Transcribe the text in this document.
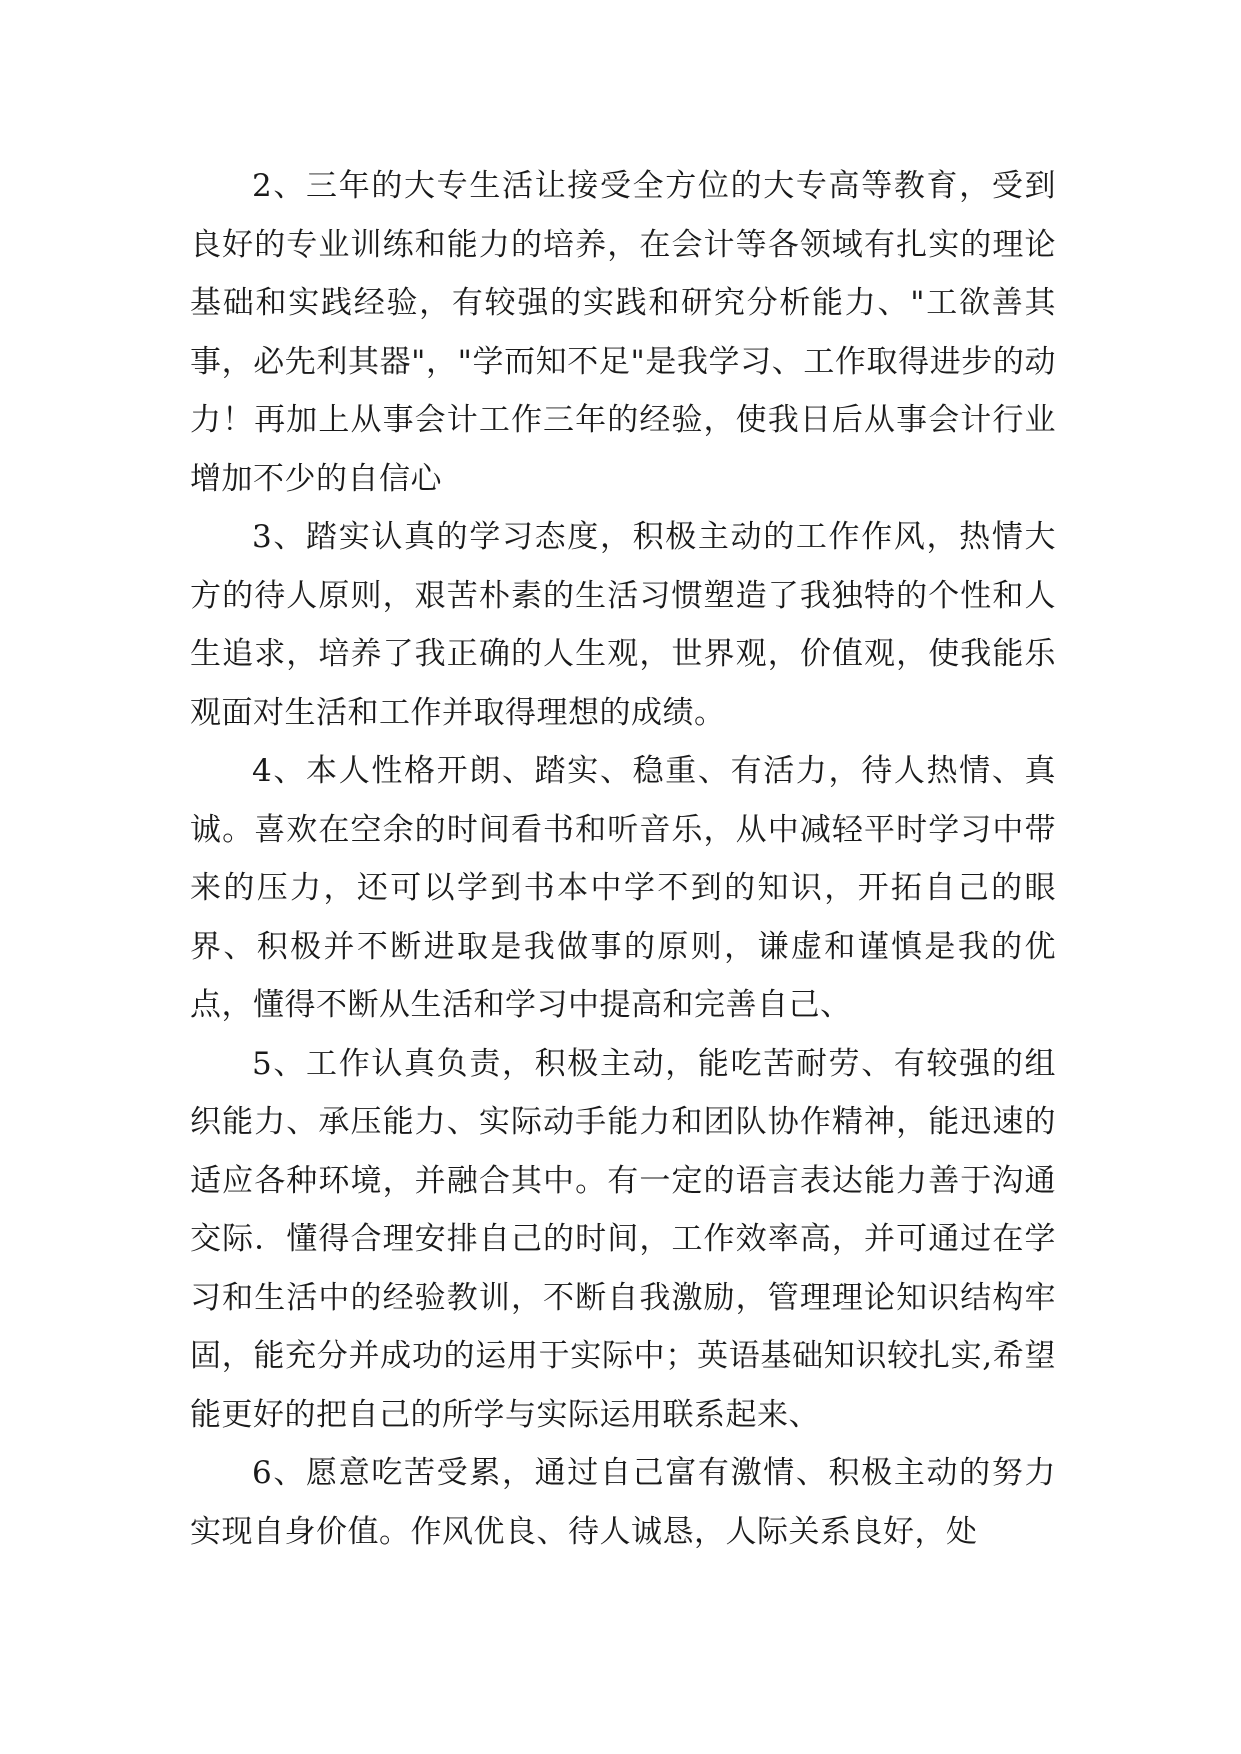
2、三年的大专生活让接受全方位的大专高等教育，受到良好的专业训练和能力的培养，在会计等各领域有扎实的理论基础和实践经验，有较强的实践和研究分析能力、"工欲善其事，必先利其器"，"学而知不足"是我学习、工作取得进步的动力！再加上从事会计工作三年的经验，使我日后从事会计行业增加不少的自信心

3、踏实认真的学习态度，积极主动的工作作风，热情大方的待人原则，艰苦朴素的生活习惯塑造了我独特的个性和人生追求，培养了我正确的人生观，世界观，价值观，使我能乐观面对生活和工作并取得理想的成绩。

4、本人性格开朗、踏实、稳重、有活力，待人热情、真诚。喜欢在空余的时间看书和听音乐，从中减轻平时学习中带来的压力，还可以学到书本中学不到的知识，开拓自己的眼界、积极并不断进取是我做事的原则，谦虚和谨慎是我的优点，懂得不断从生活和学习中提高和完善自己、

5、工作认真负责，积极主动，能吃苦耐劳、有较强的组织能力、承压能力、实际动手能力和团队协作精神，能迅速的适应各种环境，并融合其中。有一定的语言表达能力善于沟通交际．懂得合理安排自己的时间，工作效率高，并可通过在学习和生活中的经验教训，不断自我激励，管理理论知识结构牢固，能充分并成功的运用于实际中；英语基础知识较扎实,希望能更好的把自己的所学与实际运用联系起来、

6、愿意吃苦受累，通过自己富有激情、积极主动的努力实现自身价值。作风优良、待人诚恳，人际关系良好，处
